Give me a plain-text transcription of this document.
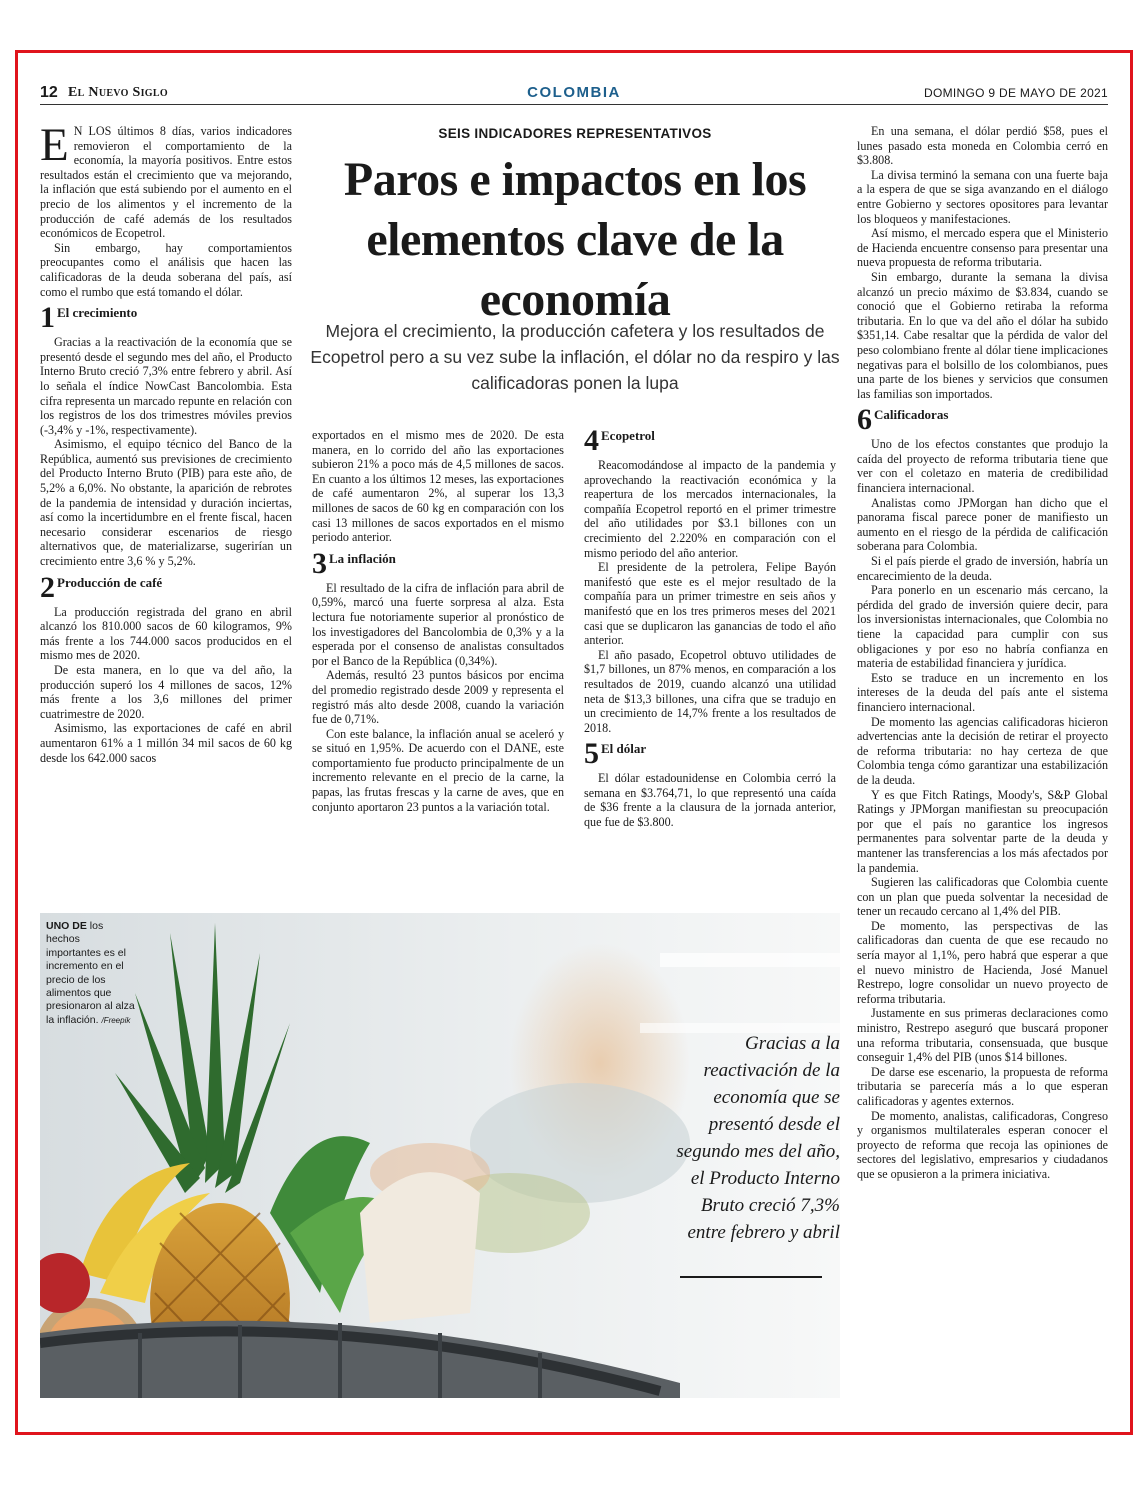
12 El Nuevo Siglo	COLOMBIA	DOMINGO 9 DE MAYO DE 2021
SEIS INDICADORES REPRESENTATIVOS
Paros e impactos en los elementos clave de la economía
Mejora el crecimiento, la producción cafetera y los resultados de Ecopetrol pero a su vez sube la inflación, el dólar no da respiro y las calificadoras ponen la lupa
E N LOS últimos 8 días, varios indicadores removieron el comportamiento de la economía, la mayoría positivos. Entre estos resultados están el crecimiento que va mejorando, la inflación que está subiendo por el aumento en el precio de los alimentos y el incremento de la producción de café además de los resultados económicos de Ecopetrol.

Sin embargo, hay comportamientos preocupantes como el análisis que hacen las calificadoras de la deuda soberana del país, así como el rumbo que está tomando el dólar.

1 El crecimiento

Gracias a la reactivación de la economía que se presentó desde el segundo mes del año, el Producto Interno Bruto creció 7,3% entre febrero y abril. Así lo señala el índice NowCast Bancolombia. Esta cifra representa un marcado repunte en relación con los registros de los dos trimestres móviles previos (-3,4% y -1%, respectivamente).

Asimismo, el equipo técnico del Banco de la República, aumentó sus previsiones de crecimiento del Producto Interno Bruto (PIB) para este año, de 5,2% a 6,0%. No obstante, la aparición de rebrotes de la pandemia de intensidad y duración inciertas, así como la incertidumbre en el frente fiscal, hacen necesario considerar escenarios de riesgo alternativos que, de materializarse, sugerirían un crecimiento entre 3,6 % y 5,2%.

2 Producción de café

La producción registrada del grano en abril alcanzó los 810.000 sacos de 60 kilogramos, 9% más frente a los 744.000 sacos producidos en el mismo mes de 2020.

De esta manera, en lo que va del año, la producción superó los 4 millones de sacos, 12% más frente a los 3,6 millones del primer cuatrimestre de 2020.

Asimismo, las exportaciones de café en abril aumentaron 61% a 1 millón 34 mil sacos de 60 kg desde los 642.000 sacos

exportados en el mismo mes de 2020. De esta manera, en lo corrido del año las exportaciones subieron 21% a poco más de 4,5 millones de sacos. En cuanto a los últimos 12 meses, las exportaciones de café aumentaron 2%, al superar los 13,3 millones de sacos de 60 kg en comparación con los casi 13 millones de sacos exportados en el mismo periodo anterior.

3 La inflación

El resultado de la cifra de inflación para abril de 0,59%, marcó una fuerte sorpresa al alza. Esta lectura fue notoriamente superior al pronóstico de los investigadores del Bancolombia de 0,3% y a la esperada por el consenso de analistas consultados por el Banco de la República (0,34%).

Además, resultó 23 puntos básicos por encima del promedio registrado desde 2009 y representa el registró más alto desde 2008, cuando la variación fue de 0,71%.

Con este balance, la inflación anual se aceleró y se situó en 1,95%. De acuerdo con el DANE, este comportamiento fue producto principalmente de un incremento relevante en el precio de la carne, la papas, las frutas frescas y la carne de aves, que en conjunto aportaron 23 puntos a la variación total.

4 Ecopetrol

Reacomodándose al impacto de la pandemia y aprovechando la reactivación económica y la reapertura de los mercados internacionales, la compañía Ecopetrol reportó en el primer trimestre del año utilidades por $3.1 billones con un crecimiento del 2.220% en comparación con el mismo periodo del año anterior.

El presidente de la petrolera, Felipe Bayón manifestó que este es el mejor resultado de la compañía para un primer trimestre en seis años y manifestó que en los tres primeros meses del 2021 casi que se duplicaron las ganancias de todo el año anterior.

El año pasado, Ecopetrol obtuvo utilidades de $1,7 billones, un 87% menos, en comparación a los resultados de 2019, cuando alcanzó una utilidad neta de $13,3 billones, una cifra que se tradujo en un crecimiento de 14,7% frente a los resultados de 2018.

5 El dólar

El dólar estadounidense en Colombia cerró la semana en $3.764,71, lo que representó una caída de $36 frente a la clausura de la jornada anterior, que fue de $3.800.

En una semana, el dólar perdió $58, pues el lunes pasado esta moneda en Colombia cerró en $3.808.

La divisa terminó la semana con una fuerte baja a la espera de que se siga avanzando en el diálogo entre Gobierno y sectores opositores para levantar los bloqueos y manifestaciones.

Así mismo, el mercado espera que el Ministerio de Hacienda encuentre consenso para presentar una nueva propuesta de reforma tributaria.

Sin embargo, durante la semana la divisa alcanzó un precio máximo de $3.834, cuando se conoció que el Gobierno retiraba la reforma tributaria. En lo que va del año el dólar ha subido $351,14. Cabe resaltar que la pérdida de valor del peso colombiano frente al dólar tiene implicaciones negativas para el bolsillo de los colombianos, pues una parte de los bienes y servicios que consumen las familias son importados.

6 Calificadoras

Uno de los efectos constantes que produjo la caída del proyecto de reforma tributaria tiene que ver con el coletazo en materia de credibilidad financiera internacional.

Analistas como JPMorgan han dicho que el panorama fiscal parece poner de manifiesto un aumento en el riesgo de la pérdida de calificación soberana para Colombia.

Si el país pierde el grado de inversión, habría un encarecimiento de la deuda.

Para ponerlo en un escenario más cercano, la pérdida del grado de inversión quiere decir, para los inversionistas internacionales, que Colombia no tiene la capacidad para cumplir con sus obligaciones y por eso no habría confianza en materia de estabilidad financiera y jurídica.

Esto se traduce en un incremento en los intereses de la deuda del país ante el sistema financiero internacional.

De momento las agencias calificadoras hicieron advertencias ante la decisión de retirar el proyecto de reforma tributaria: no hay certeza de que Colombia tenga cómo garantizar una estabilización de la deuda.

Y es que Fitch Ratings, Moody's, S&P Global Ratings y JPMorgan manifiestan su preocupación por que el país no garantice los ingresos permanentes para solventar parte de la deuda y mantener las transferencias a los más afectados por la pandemia.

Sugieren las calificadoras que Colombia cuente con un plan que pueda solventar la necesidad de tener un recaudo cercano al 1,4% del PIB.

De momento, las perspectivas de las calificadoras dan cuenta de que ese recaudo no sería mayor al 1,1%, pero habrá que esperar a que el nuevo ministro de Hacienda, José Manuel Restrepo, logre consolidar un nuevo proyecto de reforma tributaria.

Justamente en sus primeras declaraciones como ministro, Restrepo aseguró que buscará proponer una reforma tributaria, consensuada, que busque conseguir 1,4% del PIB (unos $14 billones.

De darse ese escenario, la propuesta de reforma tributaria se parecería más a lo que esperan calificadoras y agentes externos.

De momento, analistas, calificadoras, Congreso y organismos multilaterales esperan conocer el proyecto de reforma que recoja las opiniones de sectores del legislativo, empresarios y ciudadanos que se opusieron a la primera iniciativa.

UNO DE los hechos importantes es el incremento en el precio de los alimentos que presionaron al alza la inflación. /Freepik
Gracias a la reactivación de la economía que se presentó desde el segundo mes del año, el Producto Interno Bruto creció 7,3% entre febrero y abril
